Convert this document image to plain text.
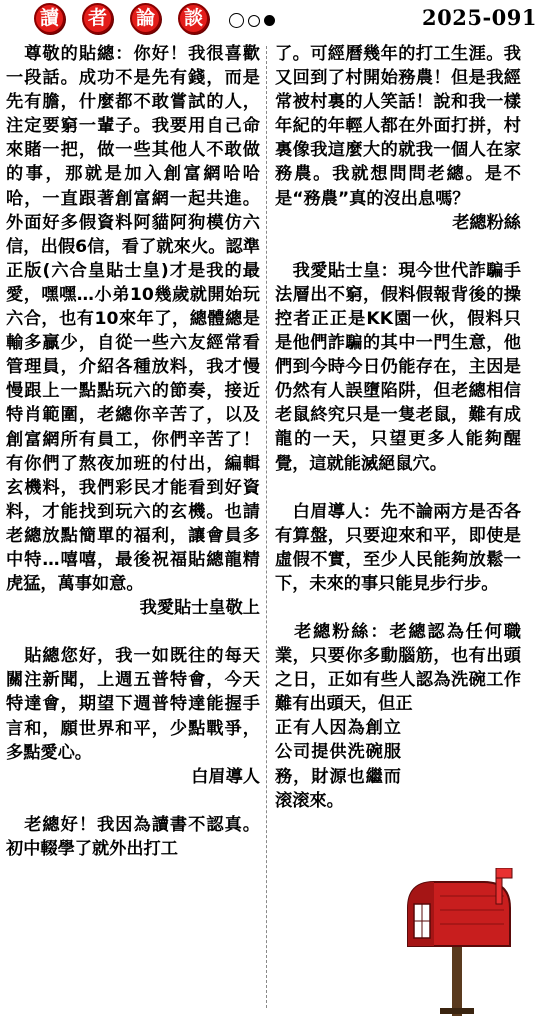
讀	者	論	談	2025-091

　尊敬的貼總：你好！我很喜歡一段話。成功不是先有錢，而是先有膽，什麼都不敢嘗試的人，注定要窮一輩子。我要用自己命來賭一把，做一些其他人不敢做的事，那就是加入創富網哈哈哈，一直跟著創富網一起共進。外面好多假資料阿貓阿狗模仿六信，出假6信，看了就來火。認準正版(六合皇貼士皇)才是我的最愛，嘿嘿…小弟10幾歲就開始玩六合，也有10來年了，總體總是輸多贏少，自從一些六友經常看管理員，介紹各種放料，我才慢慢跟上一點點玩六的節奏，接近特肖範圍，老總你辛苦了，以及創富網所有員工，你們辛苦了！有你們了熬夜加班的付出，編輯玄機料，我們彩民才能看到好資料，才能找到玩六的玄機。也請老總放點簡單的福利，讓會員多中特…嘻嘻，最後祝福貼總龍精虎猛，萬事如意。

我愛貼士皇敬上

　貼總您好，我一如既往的每天關注新聞，上週五普特會，今天特達會，期望下週普特達能握手言和，願世界和平，少點戰爭，多點愛心。

白眉導人

　老總好！我因為讀書不認真。初中輟學了就外出打工

了。可經曆幾年的打工生涯。我又回到了村開始務農！但是我經常被村裏的人笑話！說和我一樣年紀的年輕人都在外面打拼，村裏像我這麼大的就我一個人在家務農。我就想問問老總。是不是“務農”真的沒出息嗎？

老總粉絲

　我愛貼士皇：現今世代詐騙手法層出不窮，假料假報背後的操控者正正是KK園一伙，假料只是他們詐騙的其中一門生意，他們到今時今日仍能存在，主因是仍然有人誤墮陷阱，但老總相信老鼠終究只是一隻老鼠，難有成龍的一天，只望更多人能夠醒覺，這就能滅絕鼠穴。

　白眉導人：先不論兩方是否各有算盤，只要迎來和平，即使是虛假不實，至少人民能夠放鬆一下，未來的事只能見步行步。

　老總粉絲：老總認為任何職業，只要你多動腦筋，也有出頭之日，正如有些人認為洗碗工作難有出頭天，但正

正有人因為創立公司提供洗碗服務，財源也繼而滚滚來。
